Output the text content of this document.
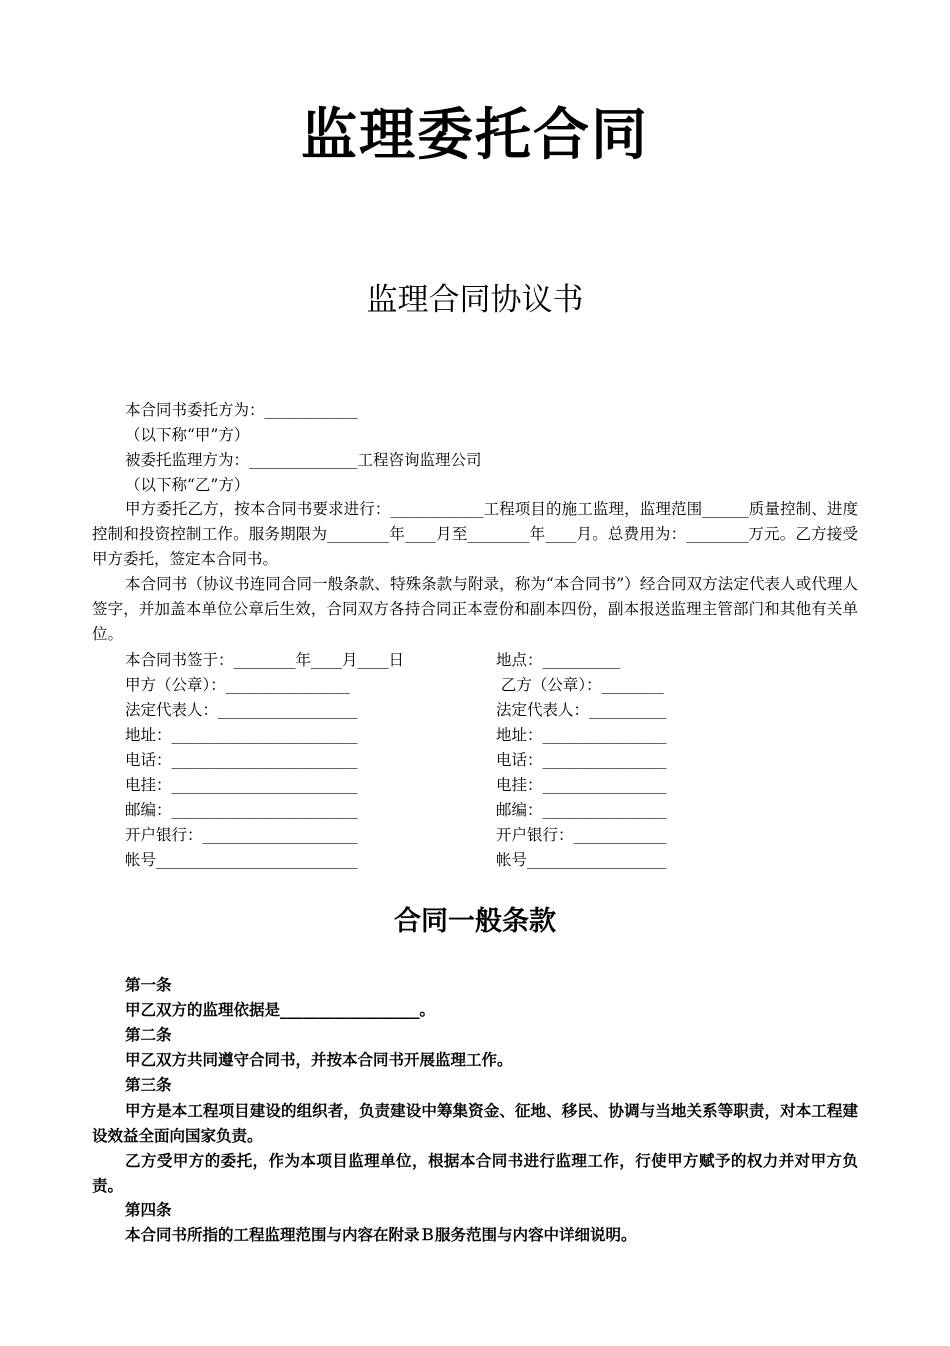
监理委托合同
监理合同协议书
本合同书委托方为：____________
（以下称“甲”方）
被委托监理方为：______________工程咨询监理公司
（以下称“乙”方）
甲方委托乙方，按本合同书要求进行：____________工程项目的施工监理，监理范围______质量控制、进度控制和投资控制工作。服务期限为________年____月至________年____月。总费用为：________万元。乙方接受甲方委托，签定本合同书。
本合同书（协议书连同合同一般条款、特殊条款与附录，称为“本合同书”）经合同双方法定代表人或代理人签字，并加盖本单位公章后生效，合同双方各持合同正本壹份和副本四份，副本报送监理主管部门和其他有关单位。
本合同书签于：________年____月____日
甲方（公章）：________________
法定代表人：__________________
地址：________________________
电话：________________________
电挂：________________________
邮编：________________________
开户银行：____________________
帐号__________________________
地点：__________
乙方（公章）：________
法定代表人：__________
地址：________________
电话：________________
电挂：________________
邮编：________________
开户银行：____________
帐号__________________
合同一般条款
第一条
甲乙双方的监理依据是__________________。
第二条
甲乙双方共同遵守合同书，并按本合同书开展监理工作。
第三条
甲方是本工程项目建设的组织者，负责建设中筹集资金、征地、移民、协调与当地关系等职责，对本工程建设效益全面向国家负责。
乙方受甲方的委托，作为本项目监理单位，根据本合同书进行监理工作，行使甲方赋予的权力并对甲方负责。
第四条
本合同书所指的工程监理范围与内容在附录Ｂ服务范围与内容中详细说明。
